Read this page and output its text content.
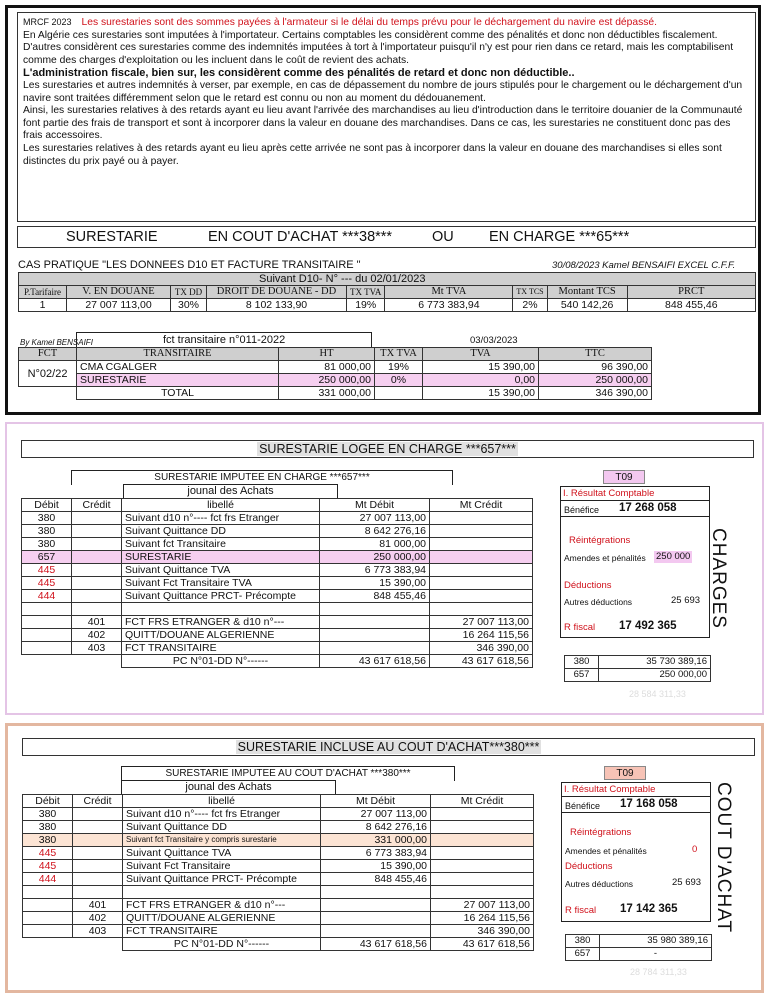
MRCF 2023 Les surestaries sont des sommes payées à l'armateur si le délai du temps prévu pour le déchargement du navire est dépassé.

En Algérie ces surestaries sont imputées à l'importateur. Certains comptables les considèrent comme des pénalités et donc non déductibles fiscalement.

D'autres considèrent ces surestaries comme des indemnités imputées à tort à l'importateur puisqu'il n'y est pour rien dans ce retard, mais les comptabilisent comme des charges d'exploitation ou les incluent dans le coût de revient des achats.

L'administration fiscale, bien sur, les considèrent comme des pénalités de retard et donc non déductible..

Les surestaries et autres indemnités à verser, par exemple, en cas de dépassement du nombre de jours stipulés pour le chargement ou le déchargement d'un navire sont traitées différemment selon que le retard est connu ou non au moment du dédouanement.

Ainsi, les surestaries relatives à des retards ayant eu lieu avant l'arrivée des marchandises au lieu d'introduction dans le territoire douanier de la Communauté font partie des frais de transport et sont à incorporer dans la valeur en douane des marchandises. Dans ce cas, les surestaries ne constituent donc pas des frais accessoires.

Les surestaries relatives à des retards ayant eu lieu après cette arrivée ne sont pas à incorporer dans la valeur en douane des marchandises si elles sont distinctes du prix payé ou à payer.

SURESTARIE	EN COUT D'ACHAT ***38***	OU EN CHARGE ***65***
CAS PRATIQUE "LES DONNEES D10 ET FACTURE TRANSITAIRE "	30/08/2023 Kamel BENSAIFI EXCEL C.F.F.
Suivant D10- N° --- du 02/01/2023								
P.Tarifaire	V. EN DOUANE	TX DD	DROIT DE DOUANE - DD	TX TVA	Mt TVA	TX TCS	Montant TCS	PRCT
1	27 007 113,00	30%	8 102 133,90	19%	6 773 383,94	2%	540 142,26	848 455,46
By Kamel BENSAIFI	fct transitaire n°011-2022	03/03/2023
FCT	TRANSITAIRE	HT	TX TVA	TVA	TTC
N°02/22	CMA CGALGER	81 000,00	19%	15 390,00	96 390,00
	SURESTARIE	250 000,00	0%	0,00	250 000,00
	TOTAL	331 000,00		15 390,00	346 390,00
SURESTARIE LOGEE EN CHARGE ***657***
SURESTARIE IMPUTEE EN CHARGE ***657***
jounal des Achats
Débit	Crédit	libellé	Mt Débit	Mt Crédit
380		Suivant d10 n°---- fct frs Etranger	27 007 113,00	
380		Suivant Quittance DD	8 642 276,16	
380		Suivant fct Transitaire	81 000,00	
657		SURESTARIE	250 000,00	
445		Suivant Quittance TVA	6 773 383,94	
445		Suivant Fct Transitaire TVA	15 390,00	
444		Suivant Quittance PRCT- Précompte	848 455,46	

	401	FCT FRS ETRANGER & d10 n°---		27 007 113,00
	402	QUITT/DOUANE ALGERIENNE		16 264 115,56
	403	FCT TRANSITAIRE		346 390,00
		PC N°01-DD N°------	43 617 618,56	43 617 618,56
T09
I. Résultat Comptable
Bénéfice 17 268 058
Réintégrations
Amendes et pénalités 250 000
Déductions
Autres déductions	25 693
R fiscal 17 492 365
380	35 730 389,16
657	250 000,00
28 584 311,33
CHARGES
SURESTARIE INCLUSE AU COUT D'ACHAT***380***
SURESTARIE IMPUTEE AU COUT D'ACHAT ***380***
jounal des Achats
Débit	Crédit	libellé	Mt Débit	Mt Crédit
380		Suivant d10 n°---- fct frs Etranger	27 007 113,00	
380		Suivant Quittance DD	8 642 276,16	
380		Suivant fct Transitaire y compris surestarie	331 000,00	
445		Suivant Quittance TVA	6 773 383,94	
445		Suivant Fct Transitaire	15 390,00	
444		Suivant Quittance PRCT- Précompte	848 455,46	

	401	FCT FRS ETRANGER & d10 n°---		27 007 113,00
	402	QUITT/DOUANE ALGERIENNE		16 264 115,56
	403	FCT TRANSITAIRE		346 390,00
		PC N°01-DD N°------	43 617 618,56	43 617 618,56
T09
I. Résultat Comptable
Bénéfice 17 168 058
Réintégrations
Amendes et pénalités	0
Déductions
Autres déductions	25 693
R fiscal 17 142 365
380	35 980 389,16
657	-
28 784 311,33
COUT D'ACHAT
